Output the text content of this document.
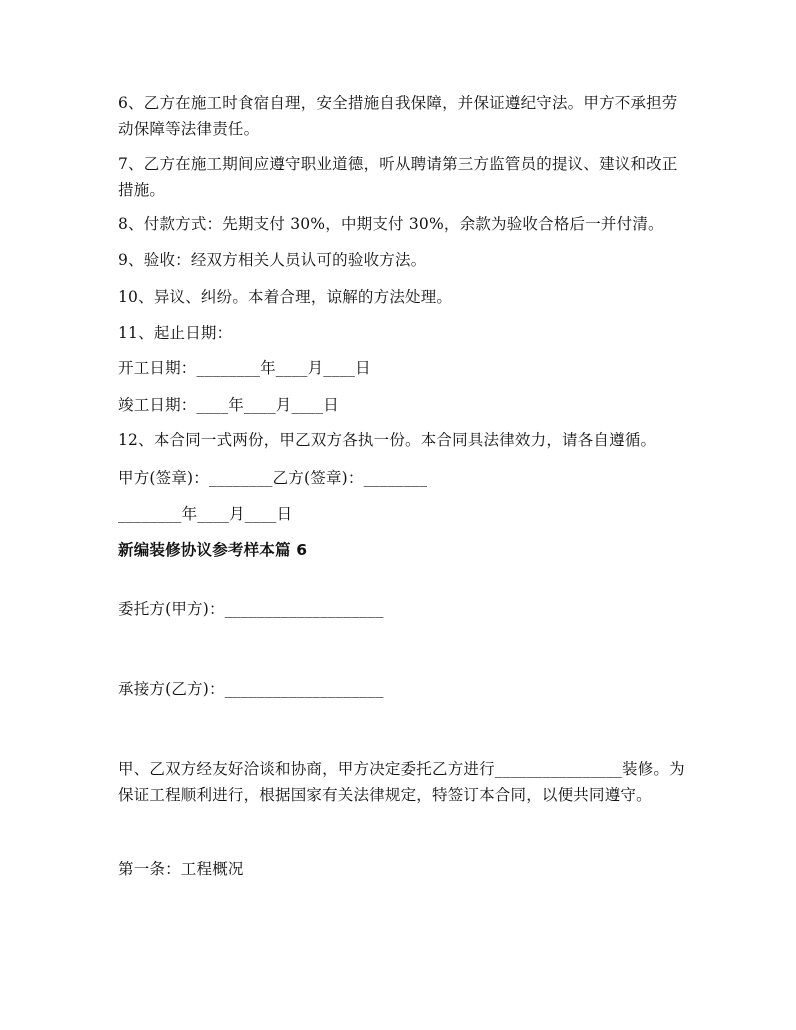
6、乙方在施工时食宿自理，安全措施自我保障，并保证遵纪守法。甲方不承担劳
动保障等法律责任。
7、乙方在施工期间应遵守职业道德，听从聘请第三方监管员的提议、建议和改正
措施。
8、付款方式：先期支付 30%，中期支付 30%，余款为验收合格后一并付清。
9、验收：经双方相关人员认可的验收方法。
10、异议、纠纷。本着合理，谅解的方法处理。
11、起止日期：
开工日期：________年____月____日
竣工日期：____年____月____日
12、本合同一式两份，甲乙双方各执一份。本合同具法律效力，请各自遵循。
甲方(签章)：________乙方(签章)：________
________年____月____日
新编装修协议参考样本篇 6
委托方(甲方)：____________________
承接方(乙方)：____________________
甲、乙双方经友好洽谈和协商，甲方决定委托乙方进行________________装修。为
保证工程顺利进行，根据国家有关法律规定，特签订本合同，以便共同遵守。
第一条：工程概况
